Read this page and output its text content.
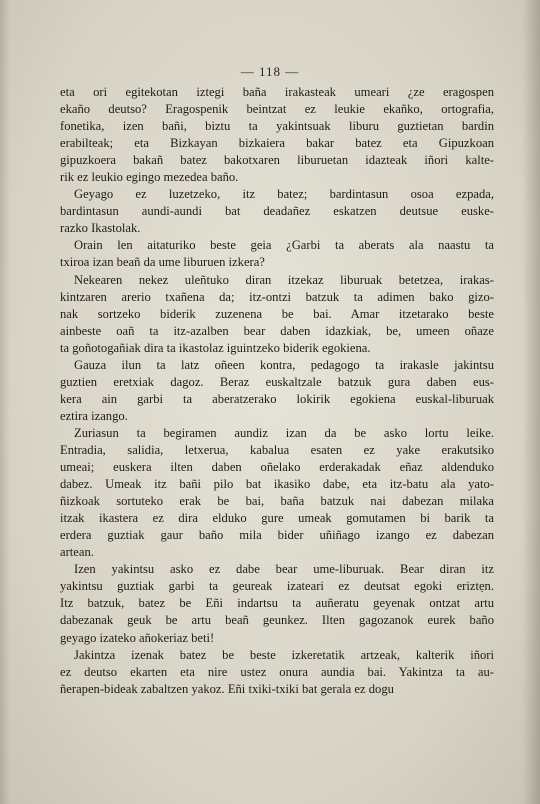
— 118 —
eta ori egitekotan iztegi baña irakasteak umeari ¿ze eragospen
ekaño deutso? Eragospenik beintzat ez leukie ekañko, ortografia,
fonetika, izen bañi, biztu ta yakintsuak liburu guztietan bardin
erabilteak; eta Bizkayan bizkaiera bakar batez eta Gipuzkoan
gipuzkoera bakañ batez bakotxaren liburuetan idazteak iñori kalte-
rik ez leukio egingo mezedea baño.
Geyago ez luzetzeko, itz batez; bardintasun osoa ezpada,
bardintasun aundi-aundi bat deadañez eskatzen deutsue euske-
razko Ikastolak.
Orain len aitaturiko beste geia ¿Garbi ta aberats ala naastu ta
txiroa izan beañ da ume liburuen izkera?
Nekearen nekez uleñtuko diran itzekaz liburuak betetzea, irakas-
kintzaren arerio txañena da; itz-ontzi batzuk ta adimen bako gizo-
nak sortzeko biderik zuzenena be bai. Amar itzetarako beste
ainbeste oañ ta itz-azalben bear daben idazkiak, be, umeen oñaze
ta goñotogañiak dira ta ikastolaz iguintzeko biderik egokiena.
Gauza ilun ta latz oñeen kontra, pedagogo ta irakasle jakintsu
guztien eretxiak dagoz. Beraz euskaltzale batzuk gura daben eus-
kera ain garbi ta aberatzerako lokirik egokiena euskal-liburuak
eztira izango.
Zuriasun ta begiramen aundiz izan da be asko lortu leike.
Entradia, salidia, letxerua, kabalua esaten ez yake erakutsiko
umeai; euskera ilten daben oñelako erderakadak eñaz aldenduko
dabez. Umeak itz bañi pilo bat ikasiko dabe, eta itz-batu ala yato-
ñizkoak sortuteko erak be bai, baña batzuk nai dabezan milaka
itzak ikastera ez dira elduko gure umeak gomutamen bi barik ta
erdera guztiak gaur baño mila bider uñiñago izango ez dabezan
artean.
Izen yakintsu asko ez dabe bear ume-liburuak. Bear diran itz
yakintsu guztiak garbi ta geureak izateari ez deutsat egoki eriztẹn.
Itz batzuk, batez be Eñi indartsu ta auñeratu geyenak ontzat artu
dabezanak geuk be artu beañ geunkez. Ilten gagozanok eurek baño
geyago izateko añokeriaz beti!
Jakintza izenak batez be beste izkeretatik artzeak, kalterik iñori
ez deutso ekarten eta nire ustez onura aundia bai. Yakintza ta au-
ñerapen-bideak zabaltzen yakoz. Eñi txiki-txiki bat gerala ez dogu
